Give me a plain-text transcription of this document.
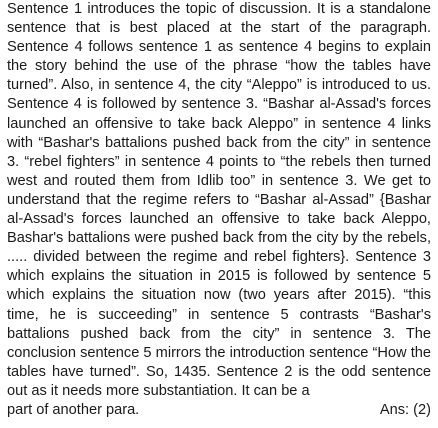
Sentence 1 introduces the topic of discussion. It is a standalone sentence that is best placed at the start of the paragraph. Sentence 4 follows sentence 1 as sentence 4 begins to explain the story behind the use of the phrase “how the tables have turned”. Also, in sentence 4, the city “Aleppo” is introduced to us. Sentence 4 is followed by sentence 3. “Bashar al-Assad's forces launched an offensive to take back Aleppo” in sentence 4 links with “Bashar's battalions pushed back from the city” in sentence 3. “rebel fighters” in sentence 4 points to “the rebels then turned west and routed them from Idlib too” in sentence 3. We get to understand that the regime refers to “Bashar al-Assad” {Bashar al-Assad's forces launched an offensive to take back Aleppo, Bashar's battalions were pushed back from the city by the rebels, ..... divided between the regime and rebel fighters}. Sentence 3 which explains the situation in 2015 is followed by sentence 5 which explains the situation now (two years after 2015). “this time, he is succeeding” in sentence 5 contrasts “Bashar's battalions pushed back from the city” in sentence 3. The conclusion sentence 5 mirrors the introduction sentence “How the tables have turned”. So, 1435. Sentence 2 is the odd sentence out as it needs more substantiation. It can be a

part of another para.	Ans: (2)
